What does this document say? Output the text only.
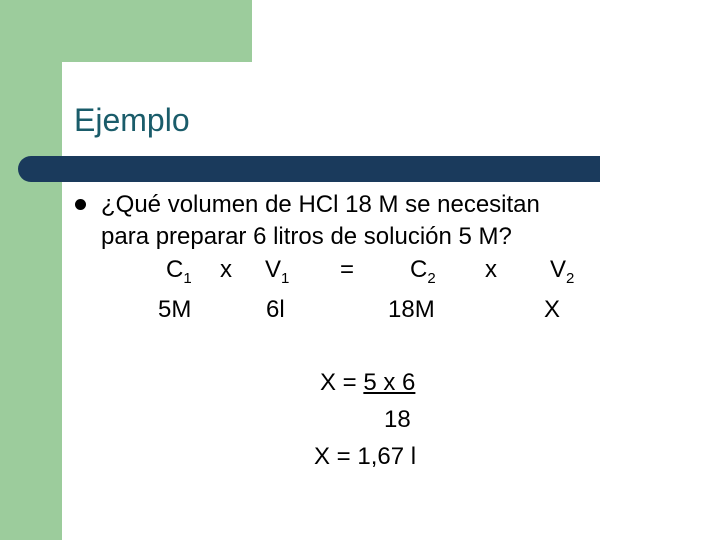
Ejemplo
¿Qué volumen de HCl 18 M se necesitan
para preparar 6 litros de solución 5 M?
$C_1$ x $V_1 = C_2$ x $V_2$
5M	6l	18M	X
X = 5 x 6
18
X = 1,67 l
